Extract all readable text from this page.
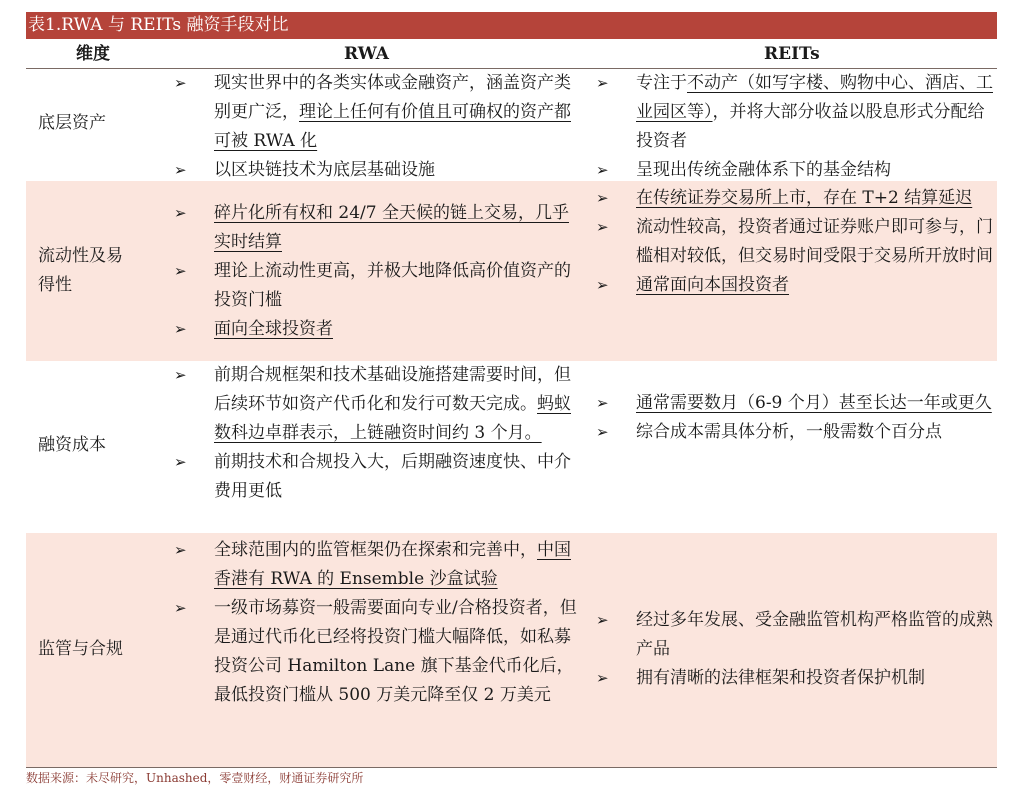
表1.RWA 与 REITs 融资手段对比
维度	RWA	REITs
底层资产
➢ 现实世界中的各类实体或金融资产，涵盖资产类别更广泛，理论上任何有价值且可确权的资产都可被 RWA 化
➢ 以区块链技术为底层基础设施
➢ 专注于不动产（如写字楼、购物中心、酒店、工业园区等），并将大部分收益以股息形式分配给投资者
➢ 呈现出传统金融体系下的基金结构
流动性及易
得性
➢ 碎片化所有权和 24/7 全天候的链上交易，几乎实时结算
➢ 理论上流动性更高，并极大地降低高价值资产的投资门槛
➢ 面向全球投资者
➢ 在传统证券交易所上市，存在 T+2 结算延迟
➢ 流动性较高，投资者通过证券账户即可参与，门槛相对较低，但交易时间受限于交易所开放时间
➢ 通常面向本国投资者
融资成本
➢ 前期合规框架和技术基础设施搭建需要时间，但后续环节如资产代币化和发行可数天完成。蚂蚁数科边卓群表示，上链融资时间约 3 个月。
➢ 前期技术和合规投入大，后期融资速度快、中介费用更低
➢ 通常需要数月（6-9 个月）甚至长达一年或更久
➢ 综合成本需具体分析，一般需数个百分点
监管与合规
➢ 全球范围内的监管框架仍在探索和完善中，中国香港有 RWA 的 Ensemble 沙盒试验
➢ 一级市场募资一般需要面向专业/合格投资者，但是通过代币化已经将投资门槛大幅降低，如私募投资公司 Hamilton Lane 旗下基金代币化后，最低投资门槛从 500 万美元降至仅 2 万美元
➢ 经过多年发展、受金融监管机构严格监管的成熟产品
➢ 拥有清晰的法律框架和投资者保护机制
数据来源：未尽研究，Unhashed，零壹财经，财通证券研究所
